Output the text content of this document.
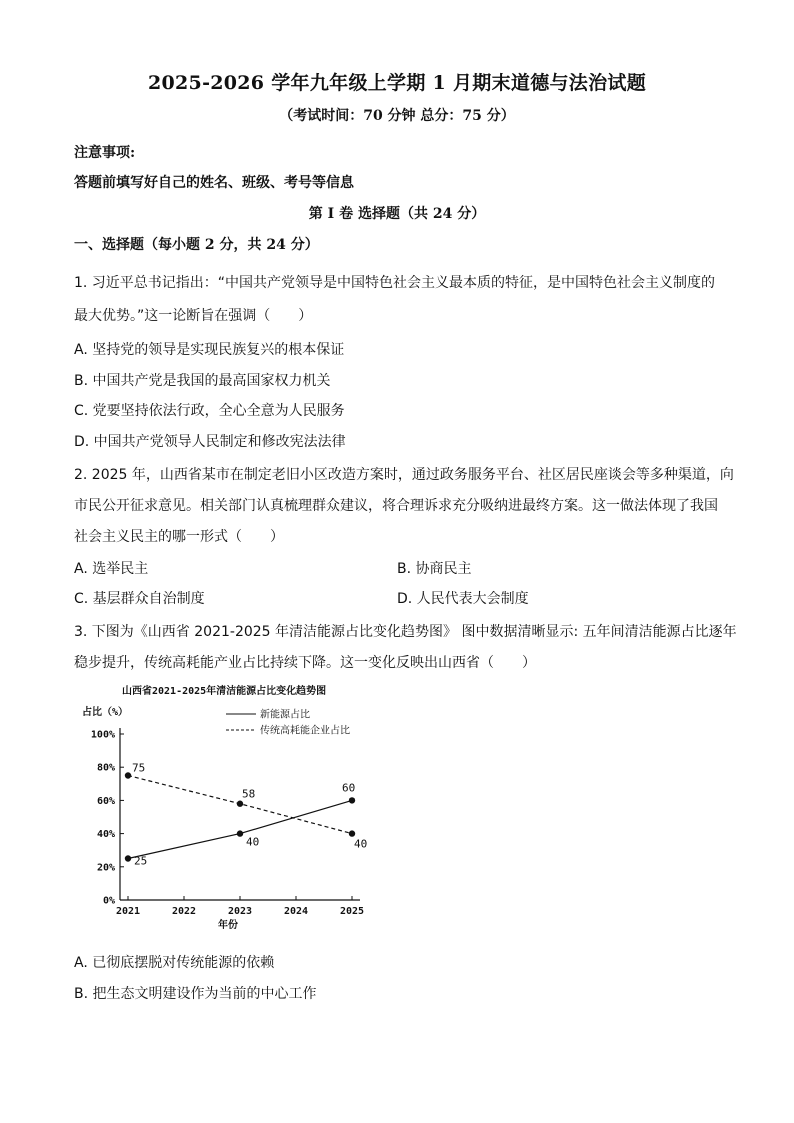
2025-2026 学年九年级上学期 1 月期末道德与法治试题
（考试时间：70 分钟 总分：75 分）
注意事项:
答题前填写好自己的姓名、班级、考号等信息
第 I 卷 选择题（共 24 分）
一、选择题（每小题 2 分，共 24 分）
1. 习近平总书记指出：“中国共产党领导是中国特色社会主义最本质的特征，是中国特色社会主义制度的
最大优势。”这一论断旨在强调（　　）
A. 坚持党的领导是实现民族复兴的根本保证
B. 中国共产党是我国的最高国家权力机关
C. 党要坚持依法行政，全心全意为人民服务
D. 中国共产党领导人民制定和修改宪法法律
2. 2025 年，山西省某市在制定老旧小区改造方案时，通过政务服务平台、社区居民座谈会等多种渠道，向
市民公开征求意见。相关部门认真梳理群众建议，将合理诉求充分吸纳进最终方案。这一做法体现了我国
社会主义民主的哪一形式（　　）
A. 选举民主	B. 协商民主
C. 基层群众自治制度	D. 人民代表大会制度
3. 下图为《山西省 2021-2025 年清洁能源占比变化趋势图》 图中数据清晰显示: 五年间清洁能源占比逐年
稳步提升，传统高耗能产业占比持续下降。这一变化反映出山西省（　　）
山西省2021-2025年清洁能源占比变化趋势图
占比（%）
年份
新能源占比
传统高耗能企业占比
0%
20%
40%
60%
80%
100%
2021	2022	2023	2024	2025
25
40
60
75
58
40
A. 已彻底摆脱对传统能源的依赖
B. 把生态文明建设作为当前的中心工作
